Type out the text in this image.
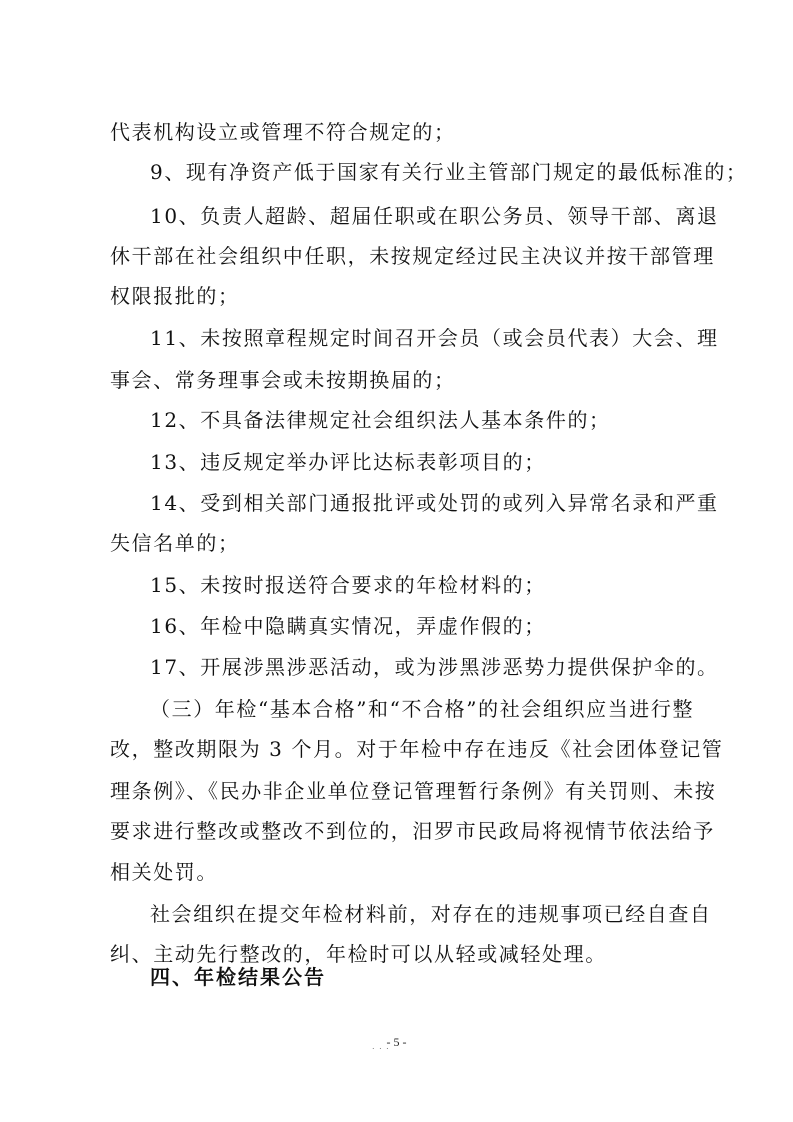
代表机构设立或管理不符合规定的；
9、现有净资产低于国家有关行业主管部门规定的最低标准的；
10、负责人超龄、超届任职或在职公务员、领导干部、离退
休干部在社会组织中任职，未按规定经过民主决议并按干部管理
权限报批的；
11、未按照章程规定时间召开会员（或会员代表）大会、理
事会、常务理事会或未按期换届的；
12、不具备法律规定社会组织法人基本条件的；
13、违反规定举办评比达标表彰项目的；
14、受到相关部门通报批评或处罚的或列入异常名录和严重
失信名单的；
15、未按时报送符合要求的年检材料的；
16、年检中隐瞒真实情况，弄虚作假的；
17、开展涉黑涉恶活动，或为涉黑涉恶势力提供保护伞的。
（三）年检“基本合格”和“不合格”的社会组织应当进行整
改，整改期限为 3 个月。对于年检中存在违反《社会团体登记管
理条例》、《民办非企业单位登记管理暂行条例》有关罚则、未按
要求进行整改或整改不到位的，汨罗市民政局将视情节依法给予
相关处罚。
社会组织在提交年检材料前，对存在的违规事项已经自查自
纠、主动先行整改的，年检时可以从轻或减轻处理。
四、年检结果公告
. . .
- 5 -
